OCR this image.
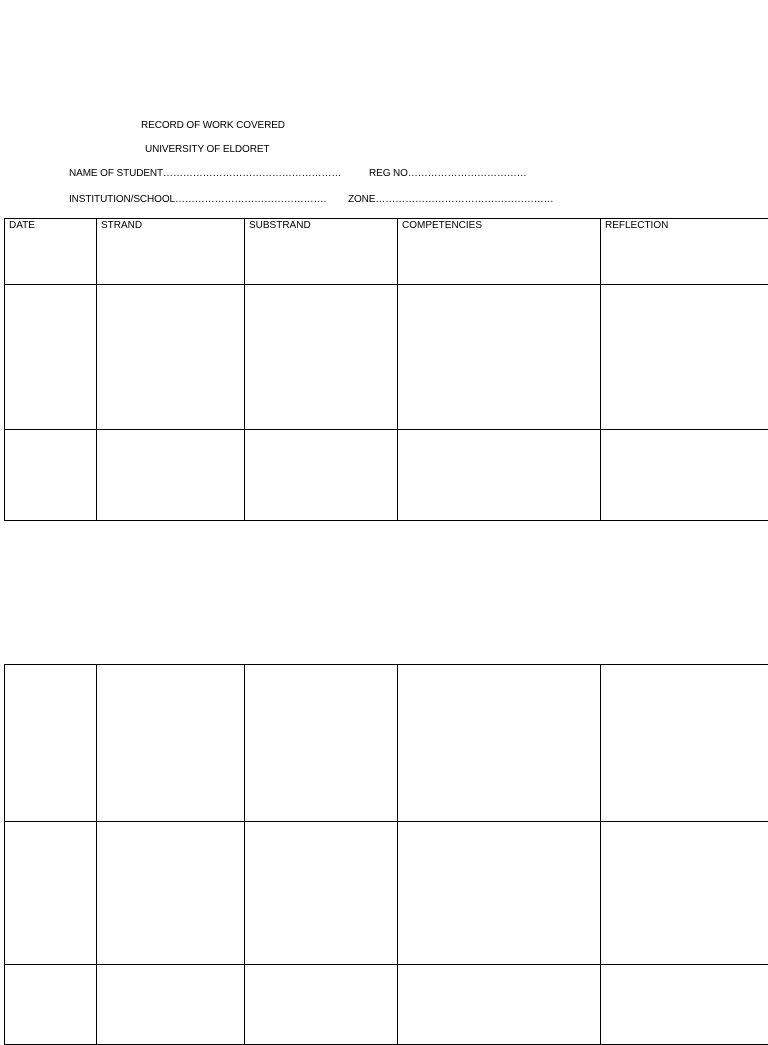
RECORD OF WORK COVERED
UNIVERSITY OF ELDORET
NAME OF STUDENT………………………………………………	REG NO………………………………
INSTITUTION/SCHOOL………………………………………. ZONE………………………………………………
DATE	STRAND	SUBSTRAND	COMPETENCIES	REFLECTION
